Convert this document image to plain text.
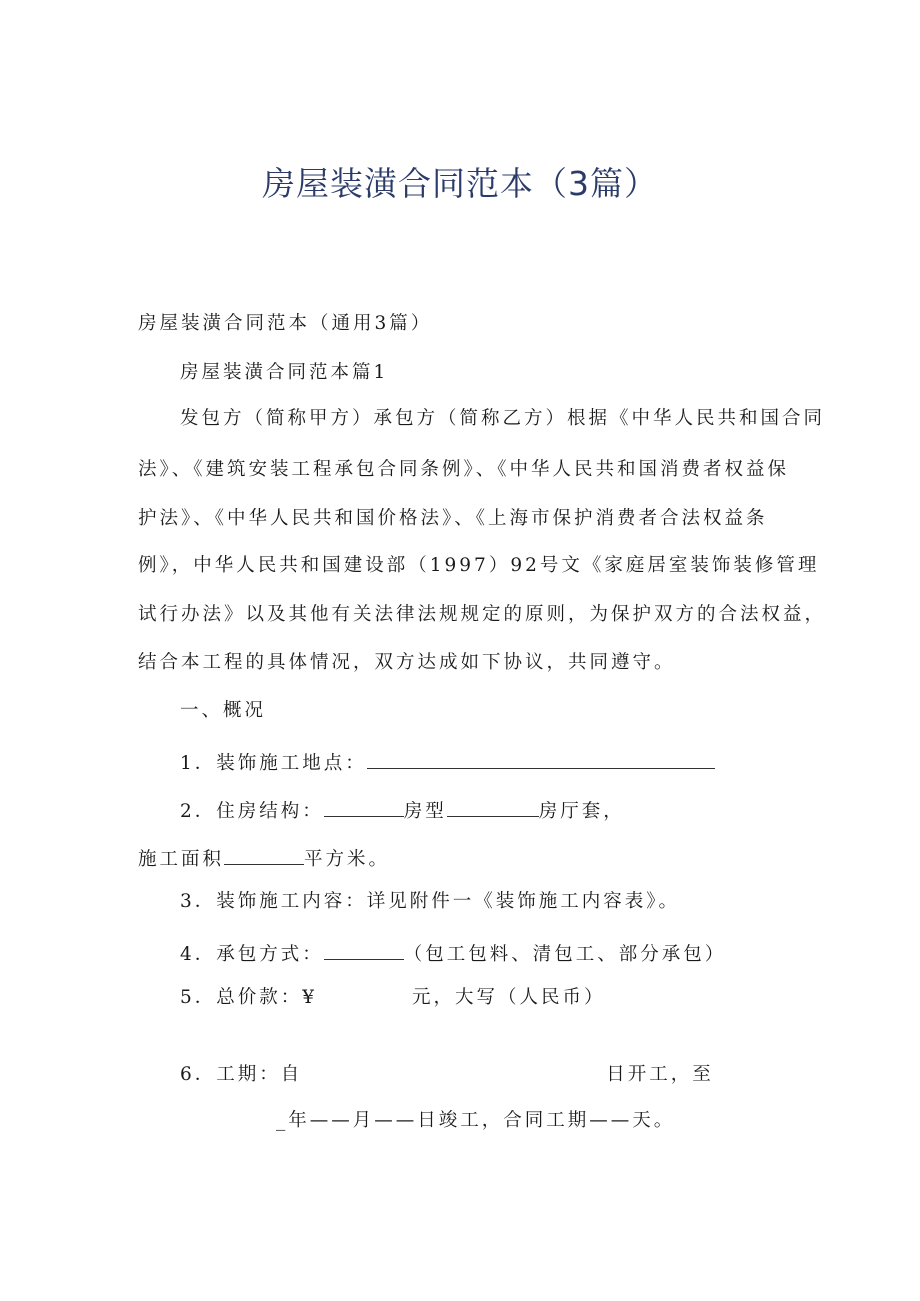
房屋装潢合同范本（3篇）
房屋装潢合同范本（通用3篇）
房屋装潢合同范本篇1
发包方（简称甲方）承包方（简称乙方）根据《中华人民共和国合同
法》、《建筑安装工程承包合同条例》、《中华人民共和国消费者权益保
护法》、《中华人民共和国价格法》、《上海市保护消费者合法权益条
例》，中华人民共和国建设部（1997）92号文《家庭居室装饰装修管理
试行办法》以及其他有关法律法规规定的原则，为保护双方的合法权益，
结合本工程的具体情况，双方达成如下协议，共同遵守。
一、概况
1．装饰施工地点：
2．住房结构：	房型	房厅套，
施工面积	平方米。
3．装饰施工内容：详见附件一《装饰施工内容表》。
4．承包方式：	（包工包料、清包工、部分承包）
5．总价款：¥	元，大写（人民币）
6．工期：自	日开工，至
_年——月——日竣工，合同工期——天。
